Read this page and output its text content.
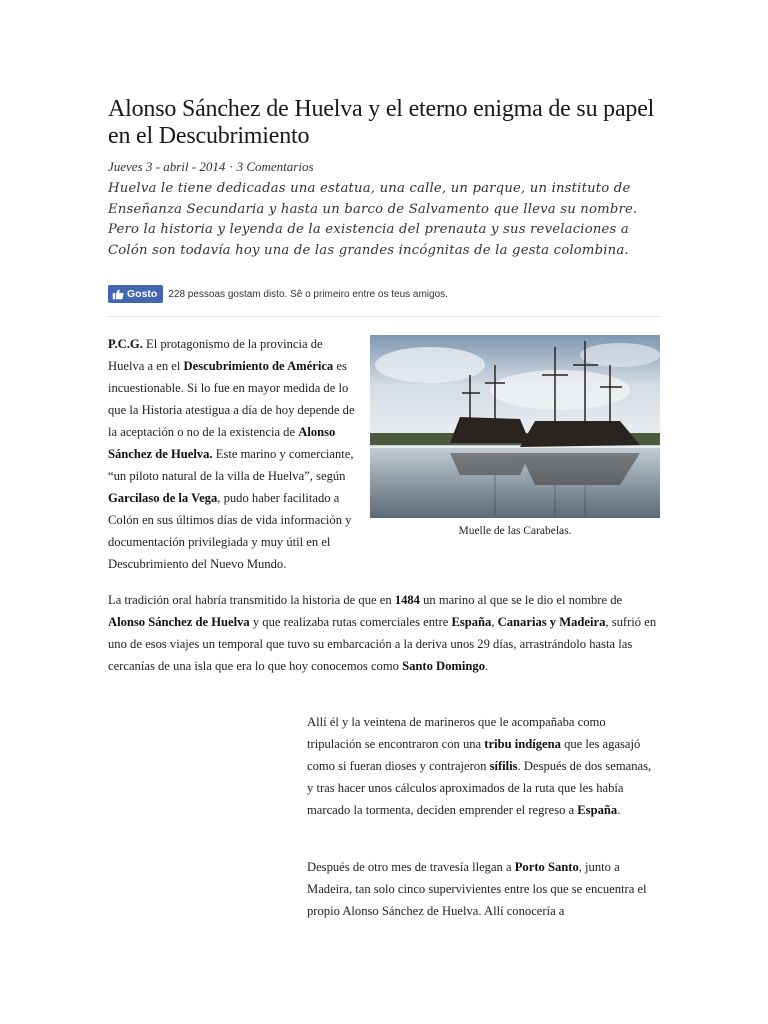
Alonso Sánchez de Huelva y el eterno enigma de su papel en el Descubrimiento
Jueves 3 - abril - 2014 · 3 Comentarios

Huelva le tiene dedicadas una estatua, una calle, un parque, un instituto de Enseñanza Secundaria y hasta un barco de Salvamento que lleva su nombre. Pero la historia y leyenda de la existencia del prenauta y sus revelaciones a Colón son todavía hoy una de las grandes incógnitas de la gesta colombina.

Gosto 228 pessoas gostam disto. Sê o primeiro entre os teus amigos.
Muelle de las Carabelas.
P.C.G. El protagonismo de la provincia de Huelva a en el Descubrimiento de América es incuestionable. Si lo fue en mayor medida de lo que la Historia atestigua a día de hoy depende de la aceptación o no de la existencia de Alonso Sánchez de Huelva. Este marino y comerciante, “un piloto natural de la villa de Huelva”, según Garcilaso de la Vega, pudo haber facilitado a Colón en sus últimos días de vida información y documentación privilegiada y muy útil en el Descubrimiento del Nuevo Mundo.

La tradición oral habría transmitido la historia de que en 1484 un marino al que se le dio el nombre de Alonso Sánchez de Huelva y que realizaba rutas comerciales entre España, Canarias y Madeira, sufrió en uno de esos viajes un temporal que tuvo su embarcación a la deriva unos 29 días, arrastrándolo hasta las cercanías de una isla que era lo que hoy conocemos como Santo Domingo.

Allí él y la veintena de marineros que le acompañaba como tripulación se encontraron con una tribu indígena que les agasajó como si fueran dioses y contrajeron sífilis. Después de dos semanas, y tras hacer unos cálculos aproximados de la ruta que les había marcado la tormenta, deciden emprender el regreso a España.

Después de otro mes de travesía llegan a Porto Santo, junto a Madeira, tan solo cinco supervivientes entre los que se encuentra el propio Alonso Sánchez de Huelva. Allí conocería a
